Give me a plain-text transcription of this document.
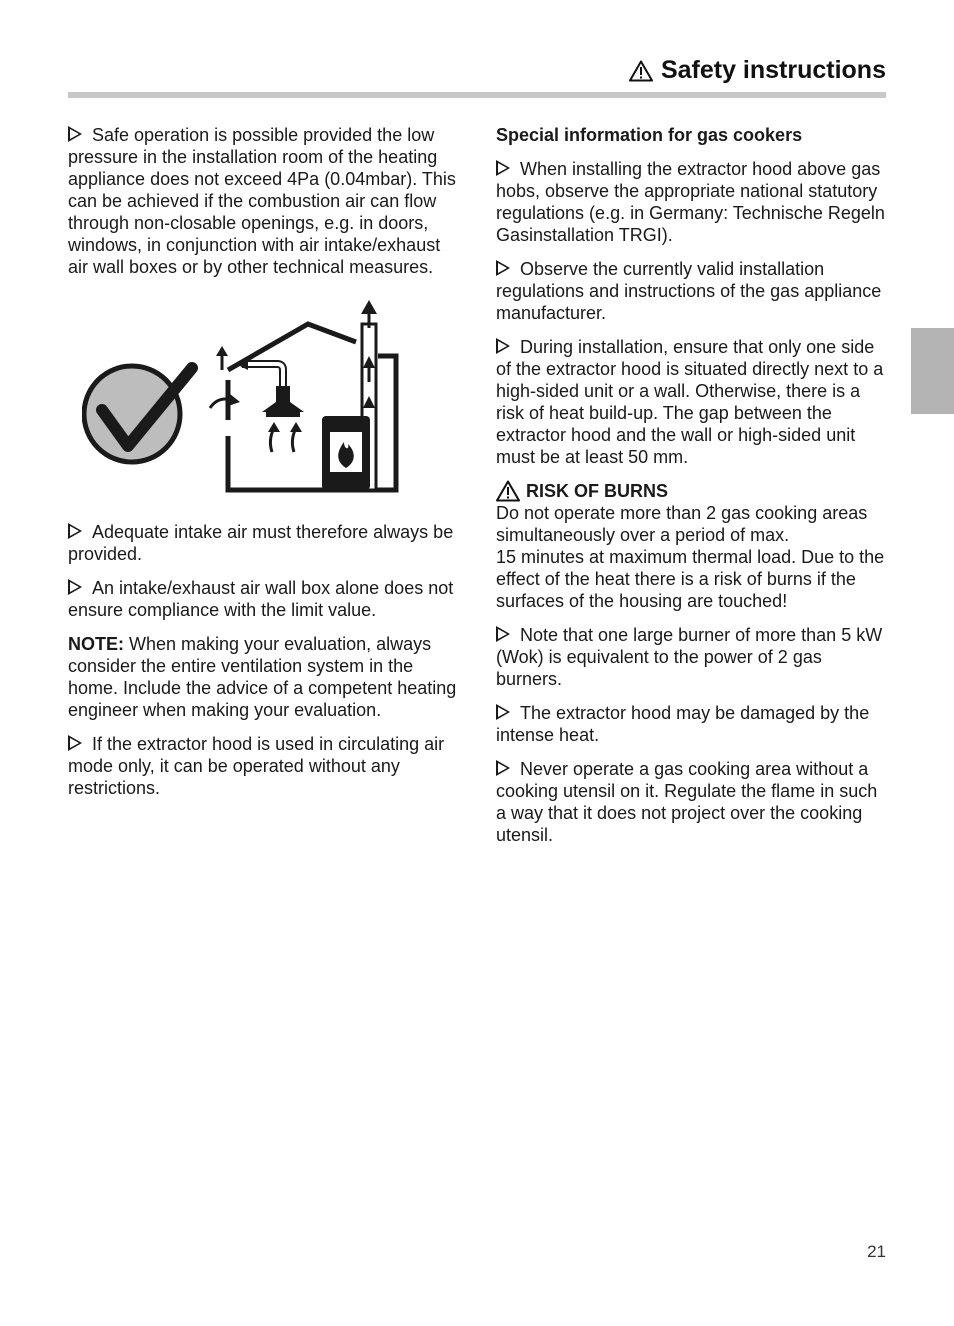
Safety instructions

Safe operation is possible provided the low pressure in the installation room of the heating appliance does not exceed 4Pa (0.04mbar). This can be achieved if the combustion air can flow through non-closable openings, e.g. in doors, windows, in conjunction with air intake/exhaust air wall boxes or by other technical measures.

Adequate intake air must therefore always be provided.

An intake/exhaust air wall box alone does not ensure compliance with the limit value.

NOTE: When making your evaluation, always consider the entire ventilation system in the home. Include the advice of a competent heating engineer when making your evaluation.

If the extractor hood is used in circulating air mode only, it can be operated without any restrictions.

Special information for gas cookers

When installing the extractor hood above gas hobs, observe the appropriate national statutory regulations (e.g. in Germany: Technische Regeln Gasinstallation TRGI).

Observe the currently valid installation regulations and instructions of the gas appliance manufacturer.

During installation, ensure that only one side of the extractor hood is situated directly next to a high-sided unit or a wall. Otherwise, there is a risk of heat build-up. The gap between the extractor hood and the wall or high-sided unit must be at least 50 mm.

RISK OF BURNS

Do not operate more than 2 gas cooking areas simultaneously over a period of max.
15 minutes at maximum thermal load. Due to the effect of the heat there is a risk of burns if the surfaces of the housing are touched!

Note that one large burner of more than 5 kW (Wok) is equivalent to the power of 2 gas burners.

The extractor hood may be damaged by the intense heat.

Never operate a gas cooking area without a cooking utensil on it. Regulate the flame in such a way that it does not project over the cooking utensil.

21
